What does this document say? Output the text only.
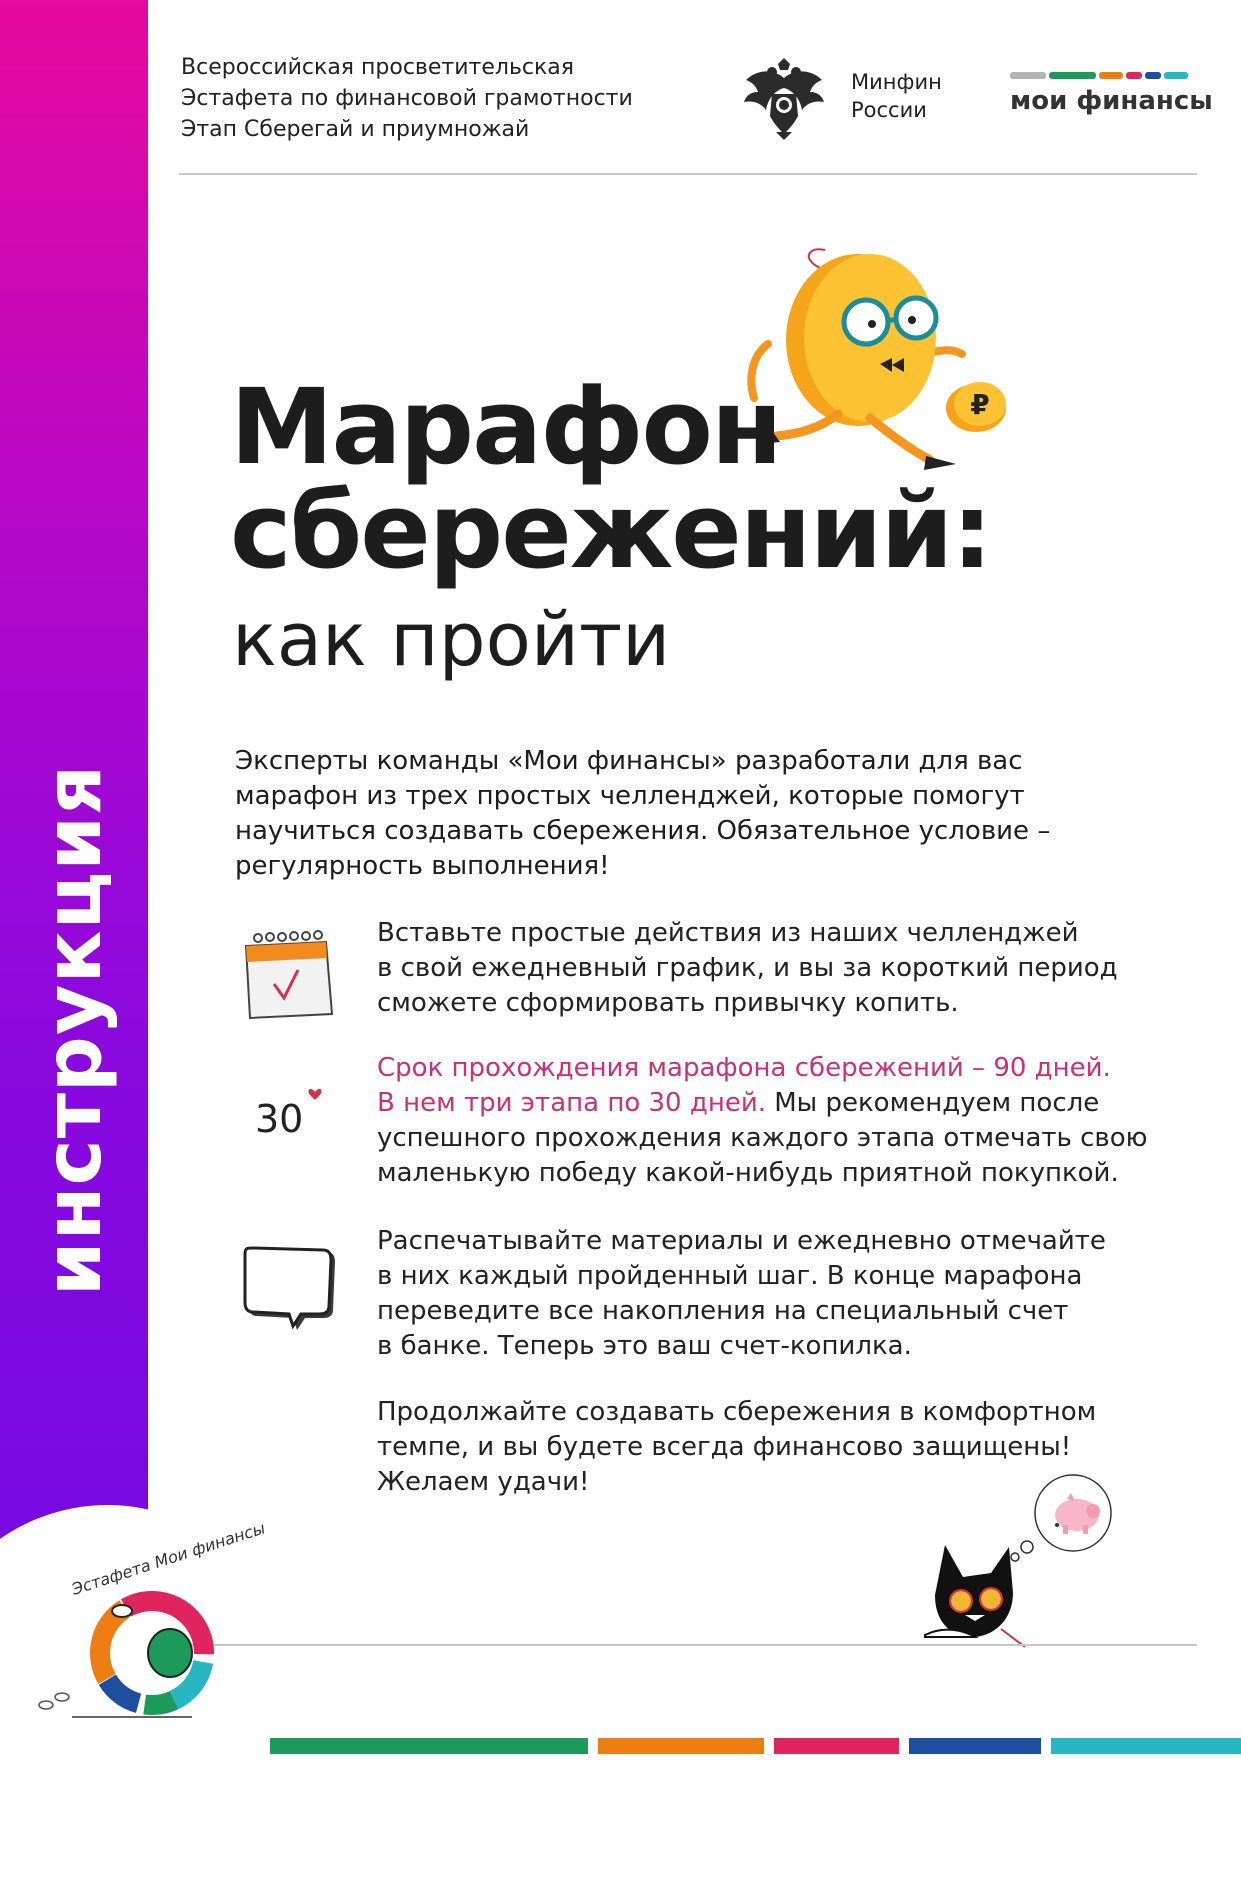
инструкция
Всероссийская просветительская
Эстафета по финансовой грамотности
Этап Сберегай и приумножай
Минфин
России	мои финансы
₽
Марафон
сбережений:
как пройти
Эксперты команды «Мои финансы» разработали для вас
марафон из трех простых челленджей, которые помогут
научиться создавать сбережения. Обязательное условие –
регулярность выполнения!
Вставьте простые действия из наших челленджей
в свой ежедневный график, и вы за короткий период
сможете сформировать привычку копить.
30
Срок прохождения марафона сбережений – 90 дней.
В нем три этапа по 30 дней. Мы рекомендуем после
успешного прохождения каждого этапа отмечать свою
маленькую победу какой-нибудь приятной покупкой.
Распечатывайте материалы и ежедневно отмечайте
в них каждый пройденный шаг. В конце марафона
переведите все накопления на специальный счет
в банке. Теперь это ваш счет-копилка.
Продолжайте создавать сбережения в комфортном
темпе, и вы будете всегда финансово защищены!
Желаем удачи!
Эстафета Мои финансы
